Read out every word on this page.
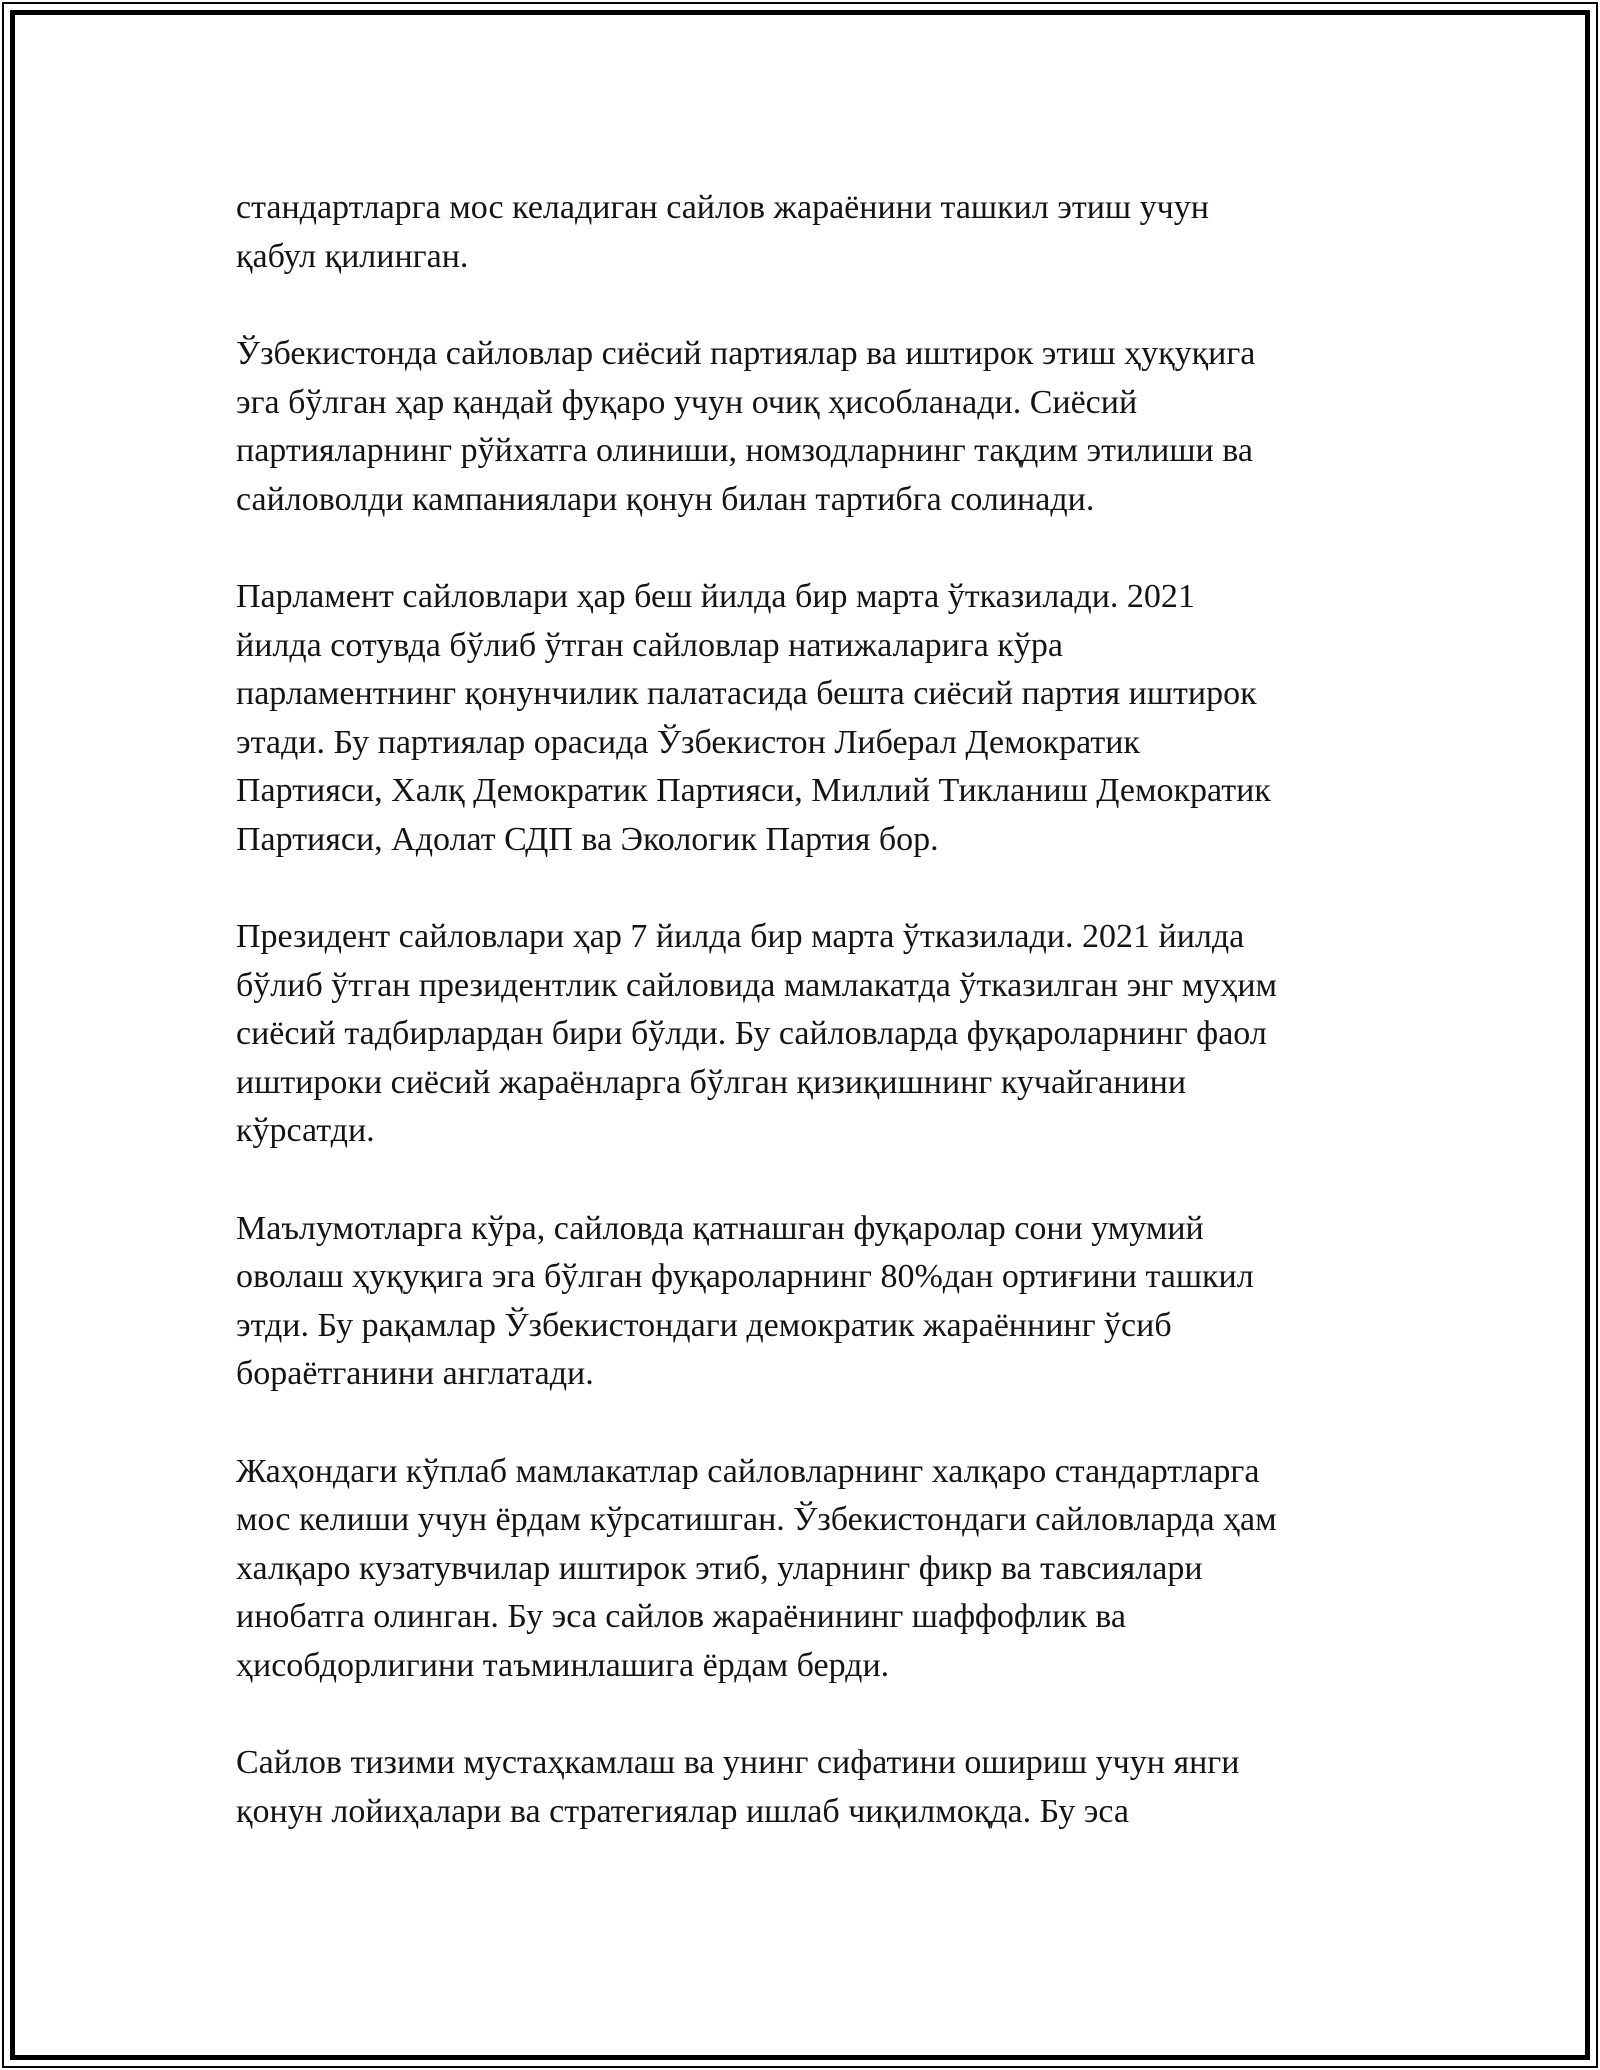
стандартларга мос келадиган сайлов жараёнини ташкил этиш учун
қабул қилинган.

Ўзбекистонда сайловлар сиёсий партиялар ва иштирок этиш ҳуқуқига
эга бўлган ҳар қандай фуқаро учун очиқ ҳисобланади. Сиёсий
партияларнинг рўйхатга олиниши, номзодларнинг тақдим этилиши ва
сайловолди кампаниялари қонун билан тартибга солинади.

Парламент сайловлари ҳар беш йилда бир марта ўтказилади. 2021
йилда сотувда бўлиб ўтган сайловлар натижаларига кўра
парламентнинг қонунчилик палатасида бешта сиёсий партия иштирок
этади. Бу партиялар орасида Ўзбекистон Либерал Демократик
Партияси, Халқ Демократик Партияси, Миллий Тикланиш Демократик
Партияси, Адолат СДП ва Экологик Партия бор.

Президент сайловлари ҳар 7 йилда бир марта ўтказилади. 2021 йилда
бўлиб ўтган президентлик сайловида мамлакатда ўтказилган энг муҳим
сиёсий тадбирлардан бири бўлди. Бу сайловларда фуқароларнинг фаол
иштироки сиёсий жараёнларга бўлган қизиқишнинг кучайганини
кўрсатди.

Маълумотларга кўра, сайловда қатнашган фуқаролар сони умумий
оволаш ҳуқуқига эга бўлган фуқароларнинг 80%дан ортиғини ташкил
этди. Бу рақамлар Ўзбекистондаги демократик жараённинг ўсиб
бораётганини англатади.

Жаҳондаги кўплаб мамлакатлар сайловларнинг халқаро стандартларга
мос келиши учун ёрдам кўрсатишган. Ўзбекистондаги сайловларда ҳам
халқаро кузатувчилар иштирок этиб, уларнинг фикр ва тавсиялари
инобатга олинган. Бу эса сайлов жараёнининг шаффофлик ва
ҳисобдорлигини таъминлашига ёрдам берди.

Сайлов тизими мустаҳкамлаш ва унинг сифатини ошириш учун янги
қонун лойиҳалари ва стратегиялар ишлаб чиқилмоқда. Бу эса
